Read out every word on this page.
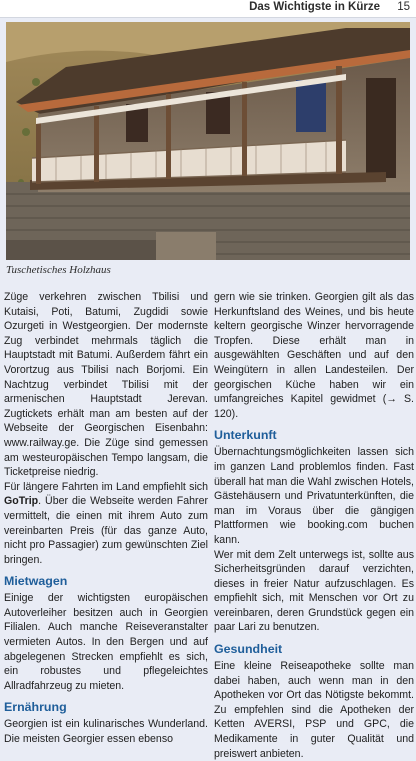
Das Wichtigste in Kürze 15
Tuschetisches Holzhaus

Züge verkehren zwischen Tbilisi und Kutaisi, Poti, Batumi, Zugdidi sowie Ozurgeti in Westgeorgien. Der modernste Zug verbindet mehrmals täglich die Hauptstadt mit Batumi. Außerdem fährt ein Vorortzug aus Tbilisi nach Borjomi. Ein Nachtzug verbindet Tbilisi mit der armenischen Hauptstadt Jerevan. Zugtickets erhält man am besten auf der Webseite der Georgischen Eisenbahn: www.railway.ge. Die Züge sind gemessen am westeuropäischen Tempo langsam, die Ticketpreise niedrig.

Für längere Fahrten im Land empfiehlt sich GoTrip. Über die Webseite werden Fahrer vermittelt, die einen mit ihrem Auto zum vereinbarten Preis (für das ganze Auto, nicht pro Passagier) zum gewünschten Ziel bringen.

Mietwagen

Einige der wichtigsten europäischen Autoverleiher besitzen auch in Georgien Filialen. Auch manche Reiseveranstalter vermieten Autos. In den Bergen und auf abgelegenen Strecken empfiehlt es sich, ein robustes und pflegeleichtes Allradfahrzeug zu mieten.

Ernährung

Georgien ist ein kulinarisches Wunderland. Die meisten Georgier essen ebenso

gern wie sie trinken. Georgien gilt als das Herkunftsland des Weines, und bis heute keltern georgische Winzer hervorragende Tropfen. Diese erhält man in ausgewählten Geschäften und auf den Weingütern in allen Landesteilen. Der georgischen Küche haben wir ein umfangreiches Kapitel gewidmet (→ S. 120).

Unterkunft

Übernachtungsmöglichkeiten lassen sich im ganzen Land problemlos finden. Fast überall hat man die Wahl zwischen Hotels, Gästehäusern und Privatunterkünften, die man im Voraus über die gängigen Plattformen wie booking.com buchen kann.

Wer mit dem Zelt unterwegs ist, sollte aus Sicherheitsgründen darauf verzichten, dieses in freier Natur aufzuschlagen. Es empfiehlt sich, mit Menschen vor Ort zu vereinbaren, deren Grundstück gegen ein paar Lari zu benutzen.

Gesundheit

Eine kleine Reiseapotheke sollte man dabei haben, auch wenn man in den Apotheken vor Ort das Nötigste bekommt. Zu empfehlen sind die Apotheken der Ketten AVERSI, PSP und GPC, die Medikamente in guter Qualität und preiswert anbieten.
